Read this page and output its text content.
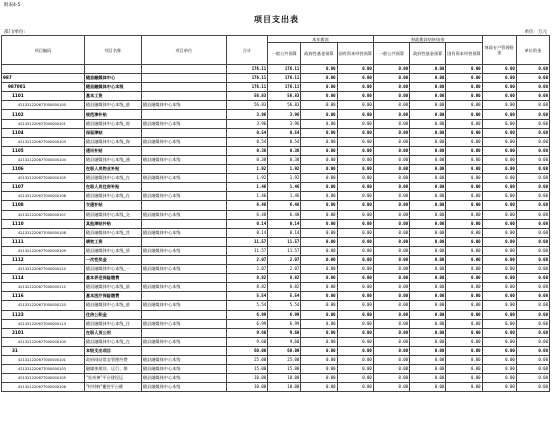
附表4-5
项目支出表
部门/单位:	单位：万元
项目编码	项目名称	项目单位	合计	本年拨款			财政拨款结转结余			财政专户管理资金	单位资金
				一般公共预算	政府性基金预算	国有资本经营预算	一般公共预算	政府性基金预算	国有资本经营预算		
			176.11	176.11	0.00	0.00	0.00	0.00	0.00	0.00	0.00
987	随县融媒体中心		176.11	176.11	0.00	0.00	0.00	0.00	0.00	0.00	0.00
987001	随县融媒体中心本级		176.11	176.11	0.00	0.00	0.00	0.00	0.00	0.00	0.00
1101	基本工资		56.83	56.83	0.00	0.00	0.00	0.00	0.00	0.00	0.00
42132122067T000000100	随县融媒体中心本级_基	随县融媒体中心本级	56.83	56.83	0.00	0.00	0.00	0.00	0.00	0.00	0.00
1102	规范津补贴		3.96	3.96	0.00	0.00	0.00	0.00	0.00	0.00	0.00
42132122067T000000101	随县融媒体中心本级_规	随县融媒体中心本级	3.96	3.96	0.00	0.00	0.00	0.00	0.00	0.00	0.00
1104	保留津贴		0.54	0.54	0.00	0.00	0.00	0.00	0.00	0.00	0.00
42132122067T000000103	随县融媒体中心本级_保	随县融媒体中心本级	0.54	0.54	0.00	0.00	0.00	0.00	0.00	0.00	0.00
1105	通讯补贴		0.38	0.38	0.00	0.00	0.00	0.00	0.00	0.00	0.00
42132122067T000000104	随县融媒体中心本级_通	随县融媒体中心本级	0.38	0.38	0.00	0.00	0.00	0.00	0.00	0.00	0.00
1106	在职人员物业补贴		1.92	1.92	0.00	0.00	0.00	0.00	0.00	0.00	0.00
42132122067T000000105	随县融媒体中心本级_在	随县融媒体中心本级	1.92	1.92	0.00	0.00	0.00	0.00	0.00	0.00	0.00
1107	在职人员住房补贴		1.46	1.46	0.00	0.00	0.00	0.00	0.00	0.00	0.00
42132122067T000000106	随县融媒体中心本级_在	随县融媒体中心本级	1.46	1.46	0.00	0.00	0.00	0.00	0.00	0.00	0.00
1108	交通补贴		6.48	6.48	0.00	0.00	0.00	0.00	0.00	0.00	0.00
42132122067T000000107	随县融媒体中心本级_交	随县融媒体中心本级	6.48	6.48	0.00	0.00	0.00	0.00	0.00	0.00	0.00
1110	其他津贴补贴		0.14	0.14	0.00	0.00	0.00	0.00	0.00	0.00	0.00
42132122067T000000108	随县融媒体中心本级_其	随县融媒体中心本级	0.14	0.14	0.00	0.00	0.00	0.00	0.00	0.00	0.00
1111	绩效工资		11.57	11.57	0.00	0.00	0.00	0.00	0.00	0.00	0.00
42132122067T000000109	随县融媒体中心本级_绩	随县融媒体中心本级	11.57	11.57	0.00	0.00	0.00	0.00	0.00	0.00	0.00
1112	一次性奖金		2.07	2.07	0.00	0.00	0.00	0.00	0.00	0.00	0.00
42132122067T000000110	随县融媒体中心本级_一	随县融媒体中心本级	2.07	2.07	0.00	0.00	0.00	0.00	0.00	0.00	0.00
1114	基本养老保险缴费		8.82	8.82	0.00	0.00	0.00	0.00	0.00	0.00	0.00
42132122067T000000112	随县融媒体中心本级_基	随县融媒体中心本级	8.82	8.82	0.00	0.00	0.00	0.00	0.00	0.00	0.00
1116	基本医疗保险缴费		5.54	5.54	0.00	0.00	0.00	0.00	0.00	0.00	0.00
42132122067T000000120	随县融媒体中心本级_基	随县融媒体中心本级	5.54	5.54	0.00	0.00	0.00	0.00	0.00	0.00	0.00
1123	住房公积金		6.99	6.99	0.00	0.00	0.00	0.00	0.00	0.00	0.00
42132122067T000000113	随县融媒体中心本级_住	随县融媒体中心本级	6.99	6.99	0.00	0.00	0.00	0.00	0.00	0.00	0.00
2101	在职人员公用		9.60	9.60	0.00	0.00	0.00	0.00	0.00	0.00	0.00
42132122067T000000100	随县融媒体中心本级_在	随县融媒体中心本级	9.60	9.60	0.00	0.00	0.00	0.00	0.00	0.00	0.00
31	本级支出项目		60.00	60.00	0.00	0.00	0.00	0.00	0.00	0.00	0.00
42132122067T000000101	政府网站常态管理经费	随县融媒体中心本级	25.00	25.00	0.00	0.00	0.00	0.00	0.00	0.00	0.00
42132122067T000000103	融媒体建设、运行、维	随县融媒体中心本级	15.00	15.00	0.00	0.00	0.00	0.00	0.00	0.00	0.00
42132122067T000000105	"炎帝神"平台建设运	随县融媒体中心本级	10.00	10.00	0.00	0.00	0.00	0.00	0.00	0.00	0.00
42132122067T000000106	"村村响"播控平台维	随县融媒体中心本级	10.00	10.00	0.00	0.00	0.00	0.00	0.00	0.00	0.00
